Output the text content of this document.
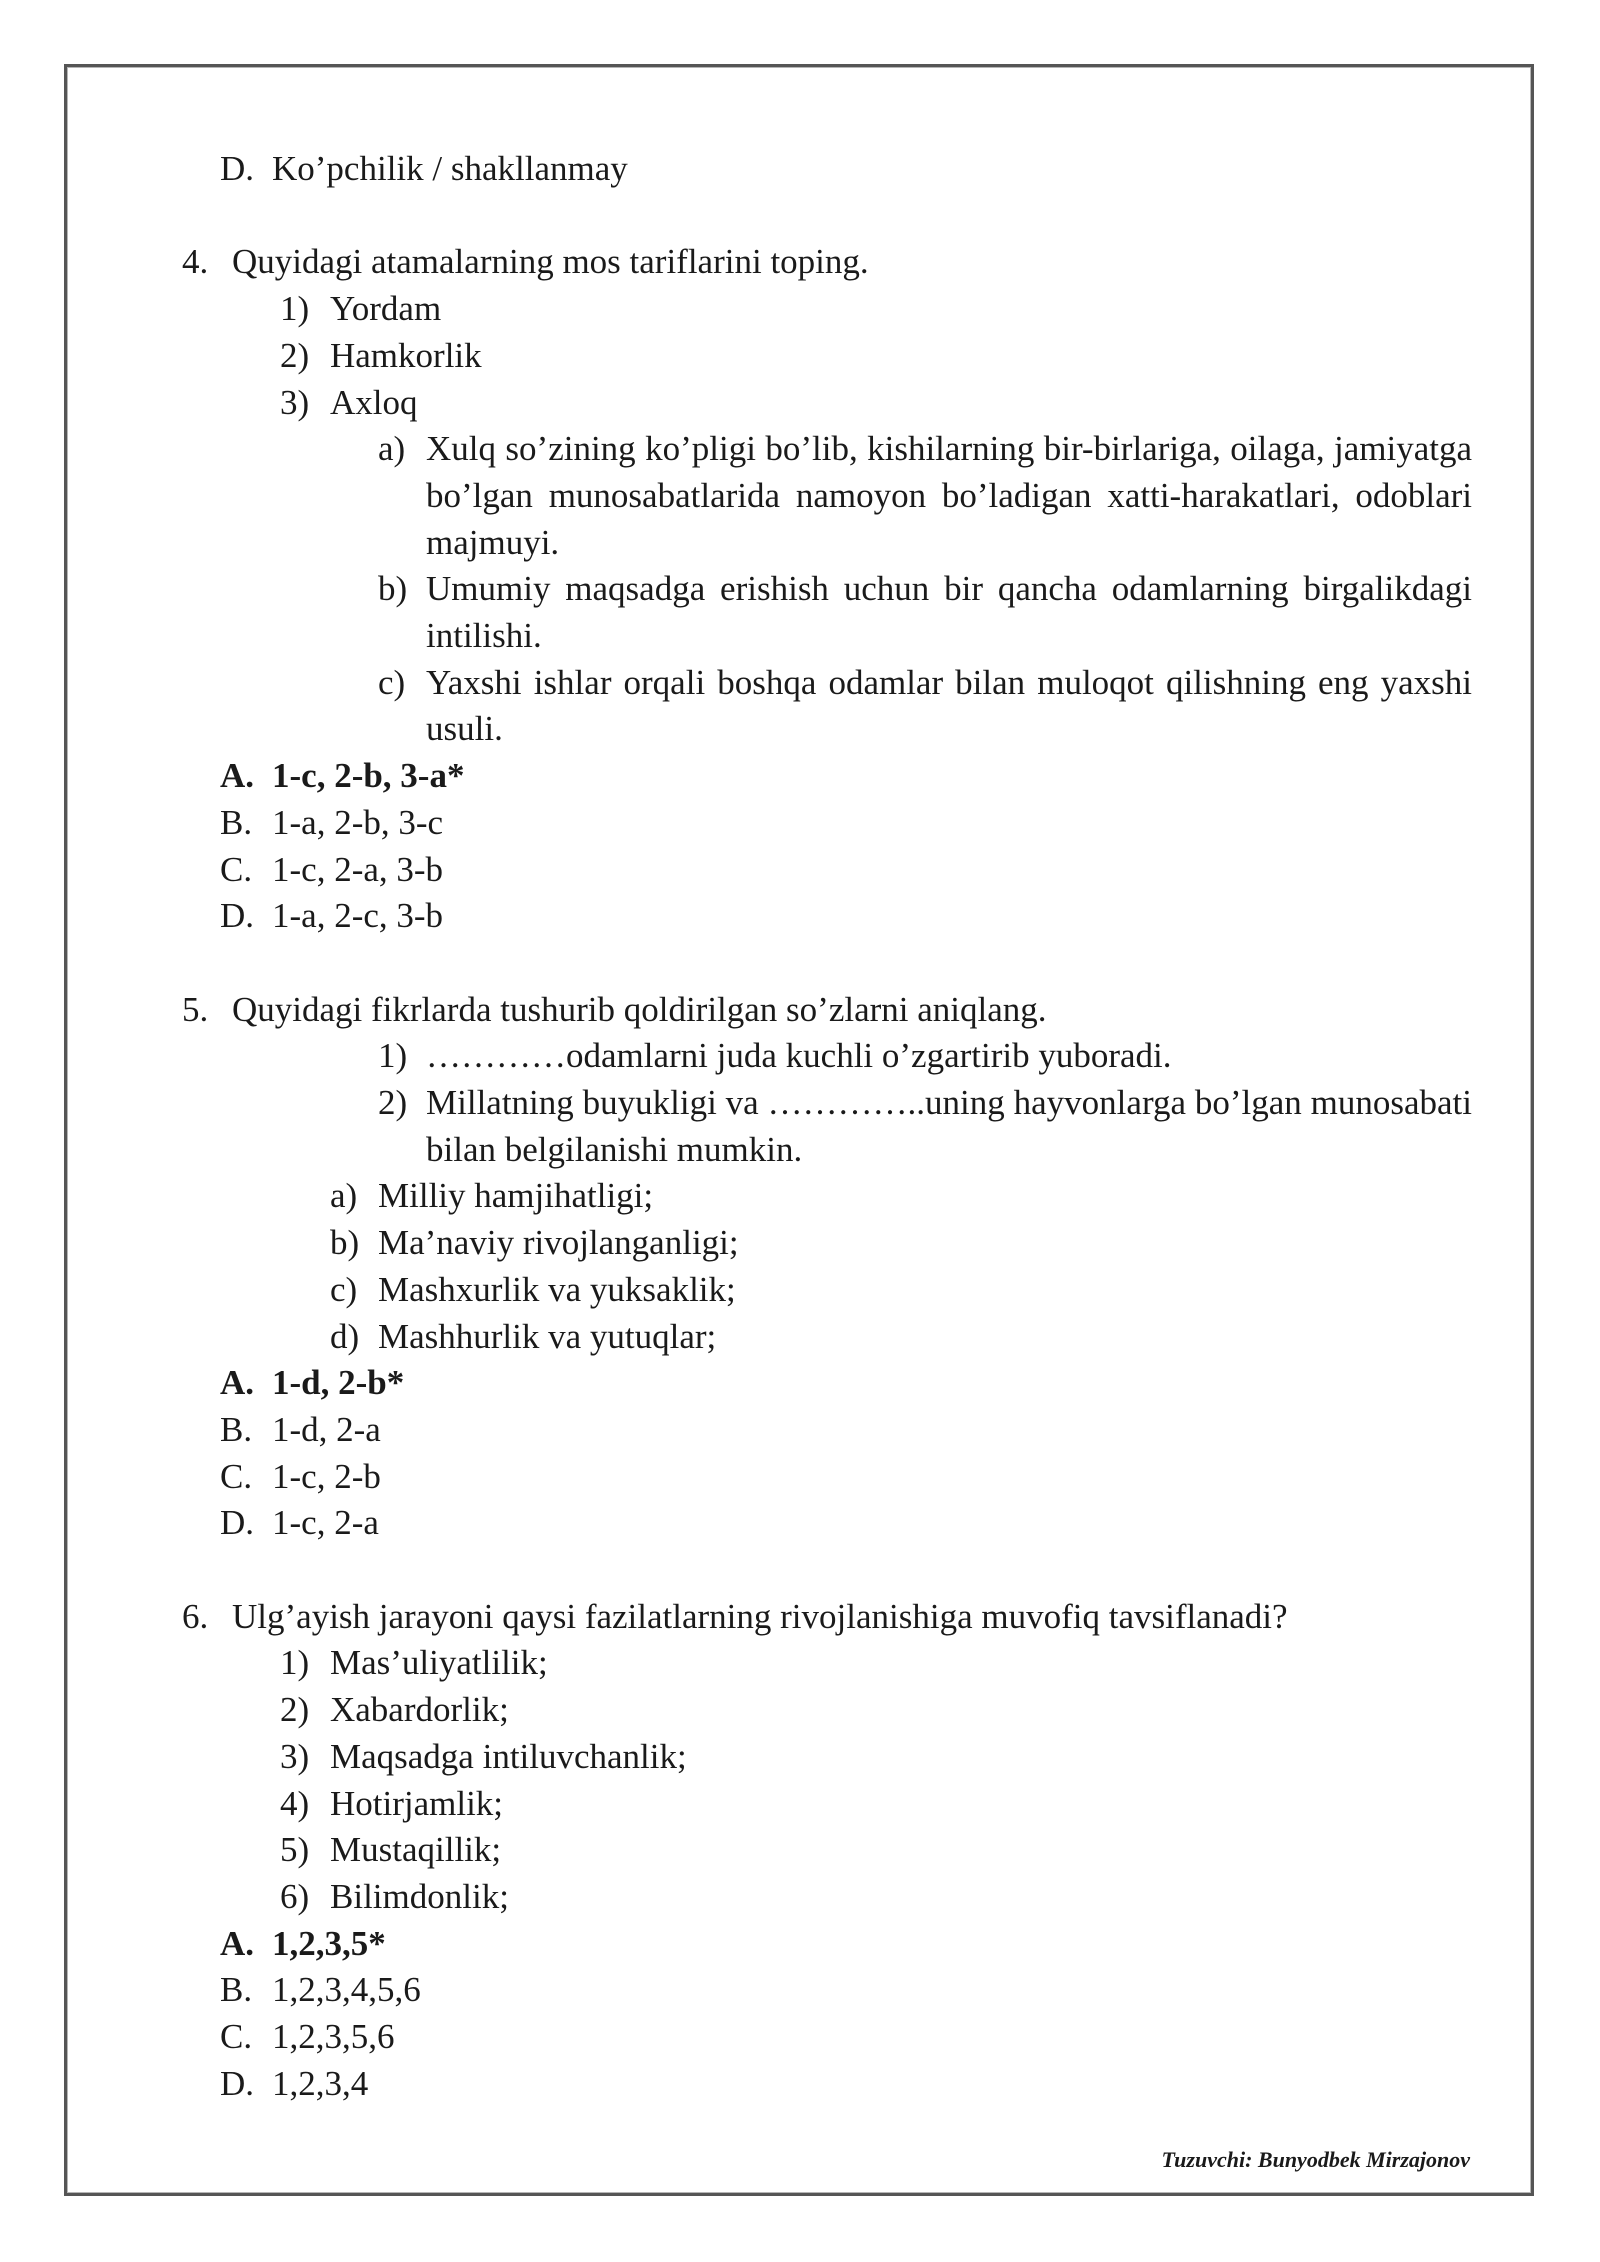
D. Ko’pchilik / shakllanmay
4. Quyidagi atamalarning mos tariflarini toping.
1) Yordam
2) Hamkorlik
3) Axloq
a) Xulq so’zining ko’pligi bo’lib, kishilarning bir-birlariga, oilaga, jamiyatga bo’lgan munosabatlarida namoyon bo’ladigan xatti-harakatlari, odoblari majmuyi.
b) Umumiy maqsadga erishish uchun bir qancha odamlarning birgalikdagi intilishi.
c) Yaxshi ishlar orqali boshqa odamlar bilan muloqot qilishning eng yaxshi usuli.
A. 1-c, 2-b, 3-a*
B. 1-a, 2-b, 3-c
C. 1-c, 2-a, 3-b
D. 1-a, 2-c, 3-b
5. Quyidagi fikrlarda tushurib qoldirilgan so’zlarni aniqlang.
1) …………odamlarni juda kuchli o’zgartirib yuboradi.
2) Millatning buyukligi va …………..uning hayvonlarga bo’lgan munosabati bilan belgilanishi mumkin.
a) Milliy hamjihatligi;
b) Ma’naviy rivojlanganligi;
c) Mashxurlik va yuksaklik;
d) Mashhurlik va yutuqlar;
A. 1-d, 2-b*
B. 1-d, 2-a
C. 1-c, 2-b
D. 1-c, 2-a
6. Ulg’ayish jarayoni qaysi fazilatlarning rivojlanishiga muvofiq tavsiflanadi?
1) Mas’uliyatlilik;
2) Xabardorlik;
3) Maqsadga intiluvchanlik;
4) Hotirjamlik;
5) Mustaqillik;
6) Bilimdonlik;
A. 1,2,3,5*
B. 1,2,3,4,5,6
C. 1,2,3,5,6
D. 1,2,3,4
Tuzuvchi: Bunyodbek Mirzajonov
